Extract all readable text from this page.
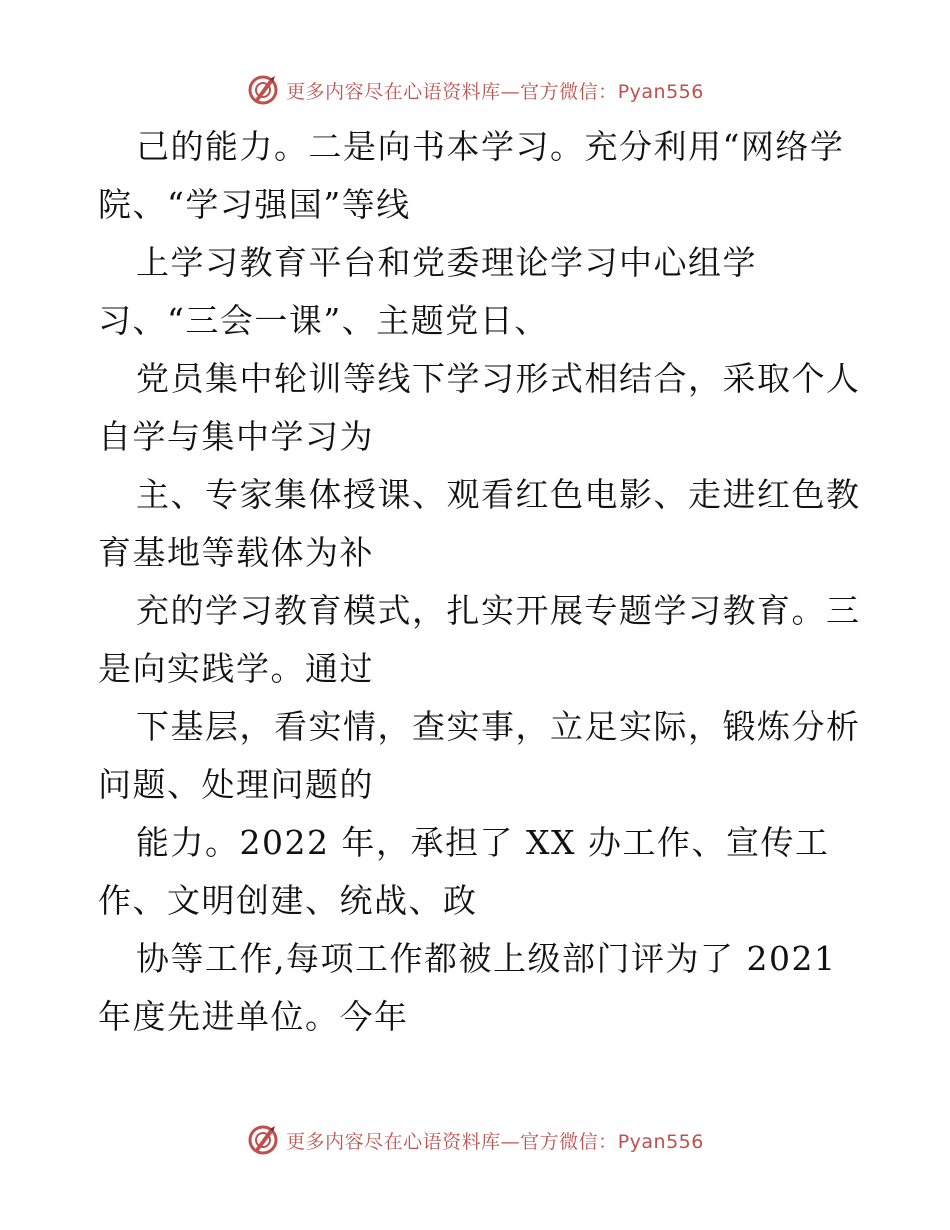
更多内容尽在心语资料库—官方微信：Pyan556
己的能力。二是向书本学习。充分利用“网络学
院、“学习强国”等线
上学习教育平台和党委理论学习中心组学
习、“三会一课”、主题党日、
党员集中轮训等线下学习形式相结合，采取个人
自学与集中学习为
主、专家集体授课、观看红色电影、走进红色教
育基地等载体为补
充的学习教育模式，扎实开展专题学习教育。三
是向实践学。通过
下基层，看实情，查实事，立足实际，锻炼分析
问题、处理问题的
能力。2022 年，承担了 XX 办工作、宣传工
作、文明创建、统战、政
协等工作,每项工作都被上级部门评为了 2021
年度先进单位。今年
更多内容尽在心语资料库—官方微信：Pyan556
